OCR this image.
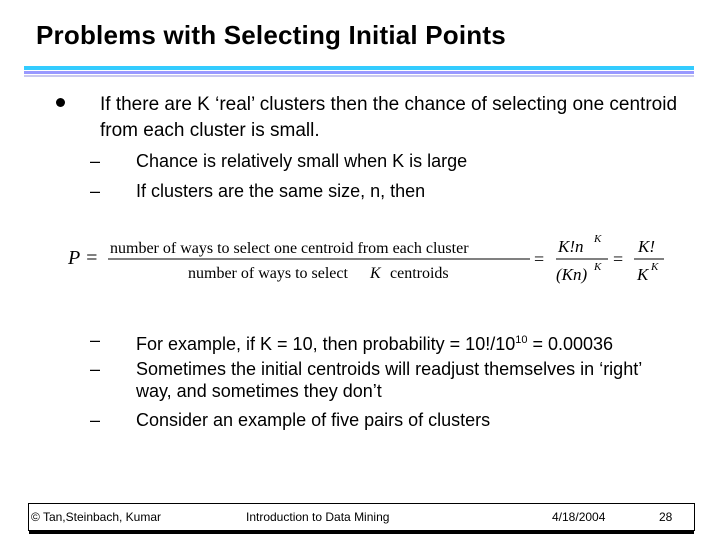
Problems with Selecting Initial Points
If there are K ‘real’ clusters then the chance of selecting one centroid from each cluster is small.
–	Chance is relatively small when K is large
–	If clusters are the same size, n, then
P = number of ways to select one centroid from each cluster
number of ways to select K centroids
=
K!n K
(Kn) K =
K!
K K
–	For example, if K = 10, then probability = $10!/10^{10} = 0.00036$
–	Sometimes the initial centroids will readjust themselves in ‘right’ way, and sometimes they don’t
–	Consider an example of five pairs of clusters
© Tan,Steinbach, Kumar	Introduction to Data Mining	4/18/2004	28
